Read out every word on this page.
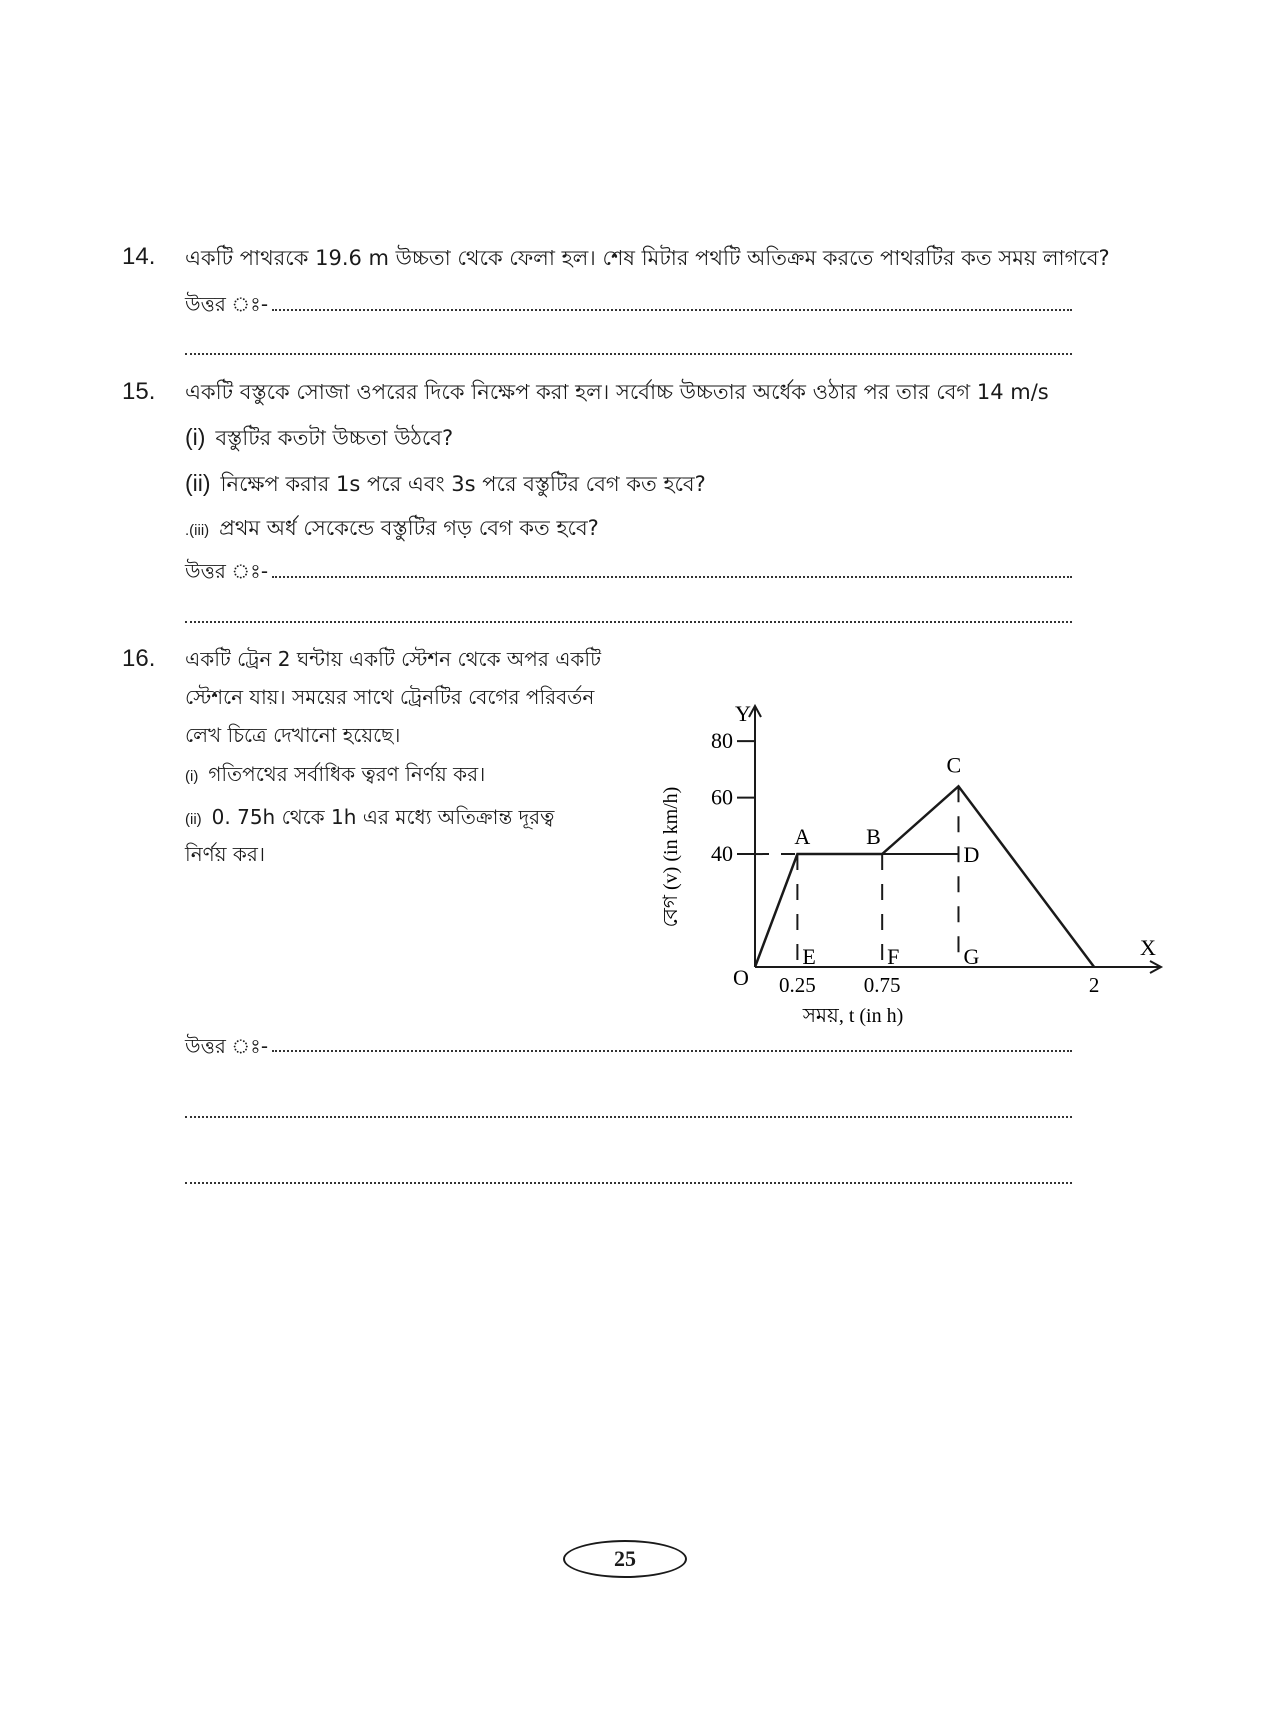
14. একটি পাথরকে 19.6 m উচ্চতা থেকে ফেলা হল। শেষ মিটার পথটি অতিক্রম করতে পাথরটির কত সময় লাগবে?
উত্তর ঃ-
15. একটি বস্তুকে সোজা ওপরের দিকে নিক্ষেপ করা হল। সর্বোচ্চ উচ্চতার অর্ধেক ওঠার পর তার বেগ 14 m/s
(i) বস্তুটির কতটা উচ্চতা উঠবে?
(ii) নিক্ষেপ করার 1s পরে এবং 3s পরে বস্তুটির বেগ কত হবে?
.(iii) প্রথম অর্ধ সেকেন্ডে বস্তুটির গড় বেগ কত হবে?
উত্তর ঃ-
16. একটি ট্রেন 2 ঘন্টায় একটি স্টেশন থেকে অপর একটি
স্টেশনে যায়। সময়ের সাথে ট্রেনটির বেগের পরিবর্তন
লেখ চিত্রে দেখানো হয়েছে।
(i) গতিপথের সর্বাধিক ত্বরণ নির্ণয় কর।
(ii) 0. 75h থেকে 1h এর মধ্যে অতিক্রান্ত দূরত্ব
নির্ণয় কর।
X
Y
O
80
60
40
0.25 0.75	2
A	B
C
E	F	G
D
সময়, t (in h)
বেগ (v) (in km/h)
উত্তর ঃ-
25
